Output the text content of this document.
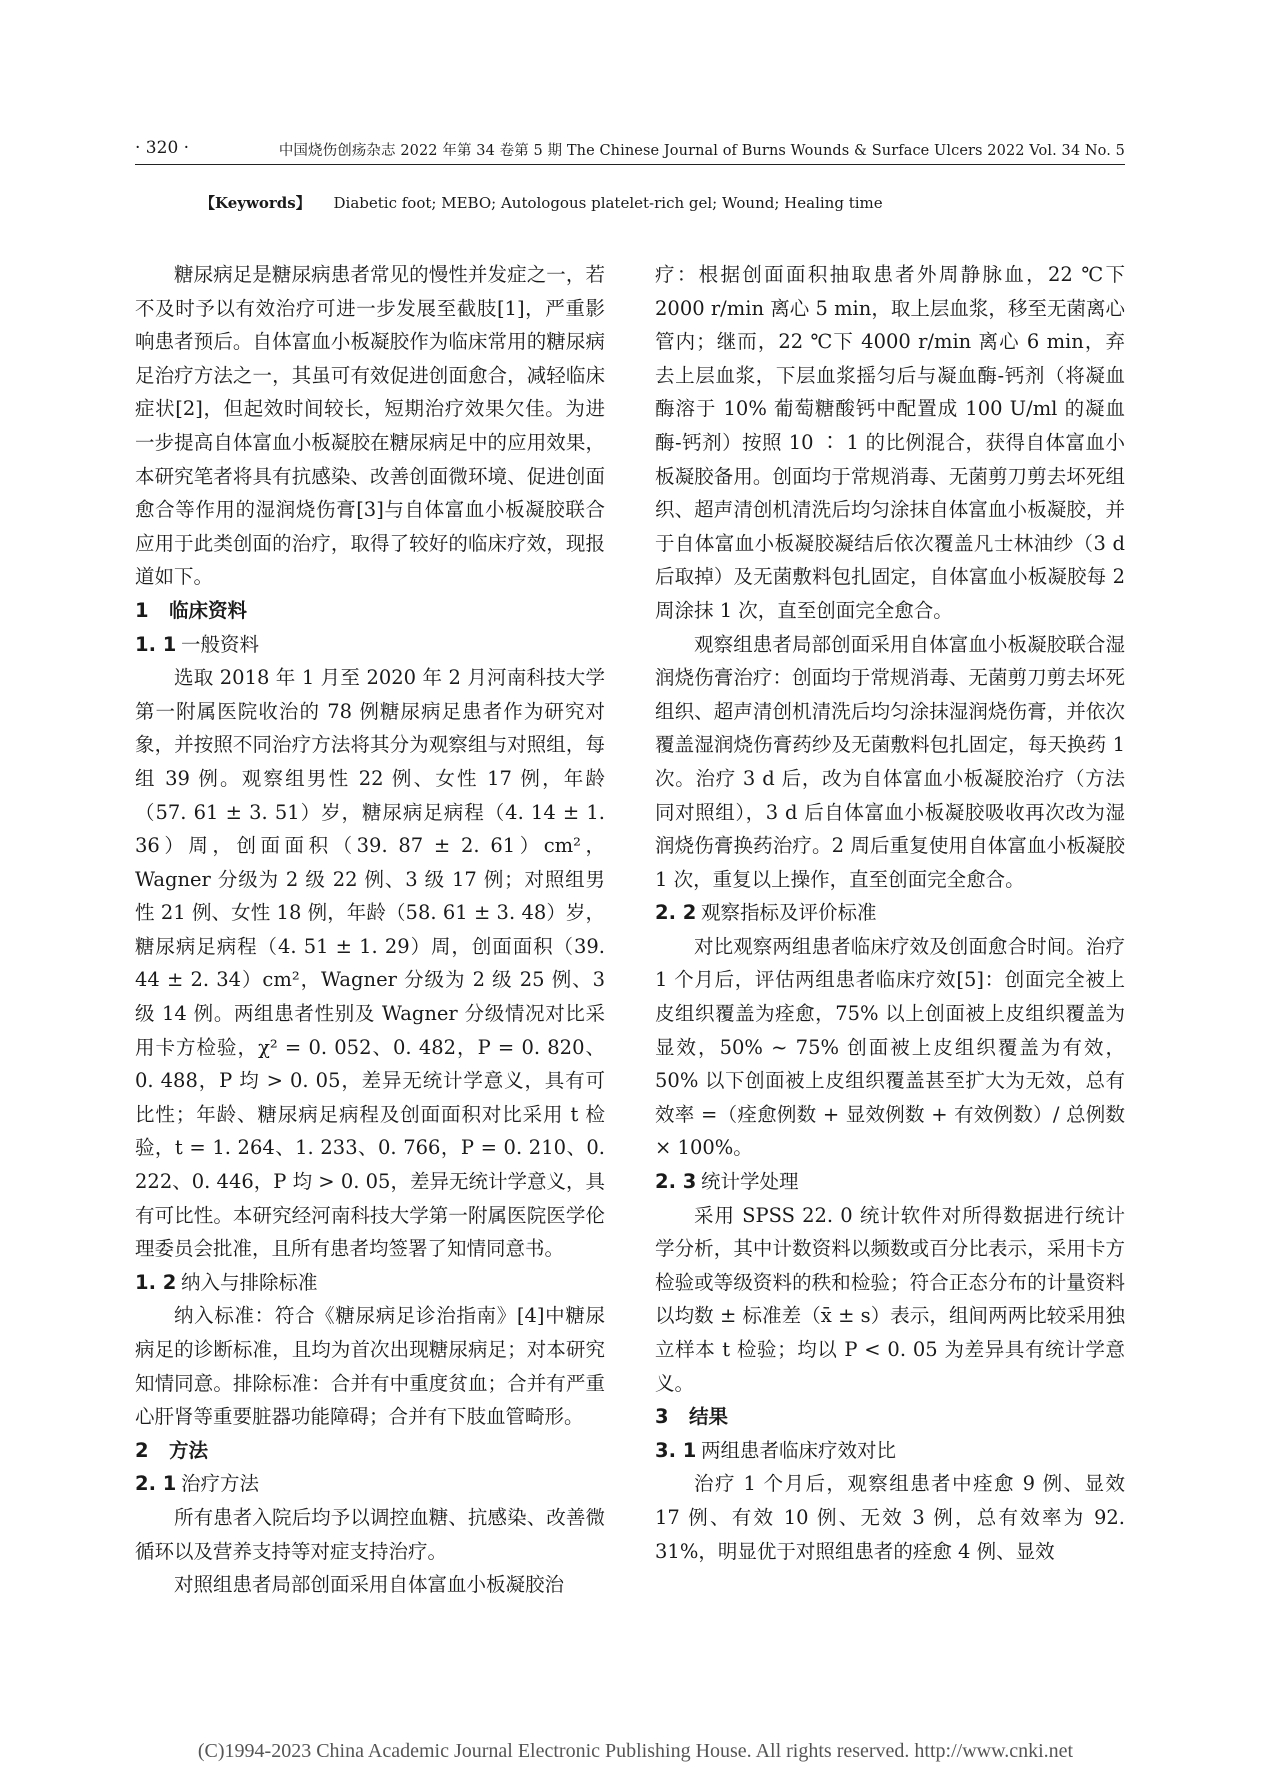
· 320 ·	中国烧伤创疡杂志 2022 年第 34 卷第 5 期 The Chinese Journal of Burns Wounds & Surface Ulcers 2022 Vol. 34 No. 5
【Keywords】 Diabetic foot; MEBO; Autologous platelet-rich gel; Wound; Healing time

糖尿病足是糖尿病患者常见的慢性并发症之一，若不及时予以有效治疗可进一步发展至截肢[1]，严重影响患者预后。自体富血小板凝胶作为临床常用的糖尿病足治疗方法之一，其虽可有效促进创面愈合，减轻临床症状[2]，但起效时间较长，短期治疗效果欠佳。为进一步提高自体富血小板凝胶在糖尿病足中的应用效果，本研究笔者将具有抗感染、改善创面微环境、促进创面愈合等作用的湿润烧伤膏[3]与自体富血小板凝胶联合应用于此类创面的治疗，取得了较好的临床疗效，现报道如下。

1 临床资料
1. 1 一般资料

选取 2018 年 1 月至 2020 年 2 月河南科技大学第一附属医院收治的 78 例糖尿病足患者作为研究对象，并按照不同治疗方法将其分为观察组与对照组，每组 39 例。观察组男性 22 例、女性 17 例，年龄（57. 61 ± 3. 51）岁，糖尿病足病程（4. 14 ± 1. 36）周，创面面积（39. 87 ± 2. 61）cm²，Wagner 分级为 2 级 22 例、3 级 17 例；对照组男性 21 例、女性 18 例，年龄（58. 61 ± 3. 48）岁，糖尿病足病程（4. 51 ± 1. 29）周，创面面积（39. 44 ± 2. 34）cm²，Wagner 分级为 2 级 25 例、3 级 14 例。两组患者性别及 Wagner 分级情况对比采用卡方检验，χ² = 0. 052、0. 482，P = 0. 820、0. 488，P 均 > 0. 05，差异无统计学意义，具有可比性；年龄、糖尿病足病程及创面面积对比采用 t 检验，t = 1. 264、1. 233、0. 766，P = 0. 210、0. 222、0. 446，P 均 > 0. 05，差异无统计学意义，具有可比性。本研究经河南科技大学第一附属医院医学伦理委员会批准，且所有患者均签署了知情同意书。

1. 2 纳入与排除标准

纳入标准：符合《糖尿病足诊治指南》[4]中糖尿病足的诊断标准，且均为首次出现糖尿病足；对本研究知情同意。排除标准：合并有中重度贫血；合并有严重心肝肾等重要脏器功能障碍；合并有下肢血管畸形。

2 方法
2. 1 治疗方法

所有患者入院后均予以调控血糖、抗感染、改善微循环以及营养支持等对症支持治疗。

对照组患者局部创面采用自体富血小板凝胶治

疗：根据创面面积抽取患者外周静脉血，22 ℃下 2000 r/min 离心 5 min，取上层血浆，移至无菌离心管内；继而，22 ℃下 4000 r/min 离心 6 min，弃去上层血浆，下层血浆摇匀后与凝血酶-钙剂（将凝血酶溶于 10% 葡萄糖酸钙中配置成 100 U/ml 的凝血酶-钙剂）按照 10 ∶ 1 的比例混合，获得自体富血小板凝胶备用。创面均于常规消毒、无菌剪刀剪去坏死组织、超声清创机清洗后均匀涂抹自体富血小板凝胶，并于自体富血小板凝胶凝结后依次覆盖凡士林油纱（3 d 后取掉）及无菌敷料包扎固定，自体富血小板凝胶每 2 周涂抹 1 次，直至创面完全愈合。

观察组患者局部创面采用自体富血小板凝胶联合湿润烧伤膏治疗：创面均于常规消毒、无菌剪刀剪去坏死组织、超声清创机清洗后均匀涂抹湿润烧伤膏，并依次覆盖湿润烧伤膏药纱及无菌敷料包扎固定，每天换药 1 次。治疗 3 d 后，改为自体富血小板凝胶治疗（方法同对照组），3 d 后自体富血小板凝胶吸收再次改为湿润烧伤膏换药治疗。2 周后重复使用自体富血小板凝胶 1 次，重复以上操作，直至创面完全愈合。

2. 2 观察指标及评价标准

对比观察两组患者临床疗效及创面愈合时间。治疗 1 个月后，评估两组患者临床疗效[5]：创面完全被上皮组织覆盖为痊愈，75% 以上创面被上皮组织覆盖为显效，50% ~ 75% 创面被上皮组织覆盖为有效，50% 以下创面被上皮组织覆盖甚至扩大为无效，总有效率 =（痊愈例数 + 显效例数 + 有效例数）/ 总例数 × 100%。

2. 3 统计学处理

采用 SPSS 22. 0 统计软件对所得数据进行统计学分析，其中计数资料以频数或百分比表示，采用卡方检验或等级资料的秩和检验；符合正态分布的计量资料以均数 ± 标准差（x̄ ± s）表示，组间两两比较采用独立样本 t 检验；均以 P < 0. 05 为差异具有统计学意义。

3 结果
3. 1 两组患者临床疗效对比

治疗 1 个月后，观察组患者中痊愈 9 例、显效 17 例、有效 10 例、无效 3 例，总有效率为 92. 31%，明显优于对照组患者的痊愈 4 例、显效

(C)1994-2023 China Academic Journal Electronic Publishing House. All rights reserved. http://www.cnki.net
